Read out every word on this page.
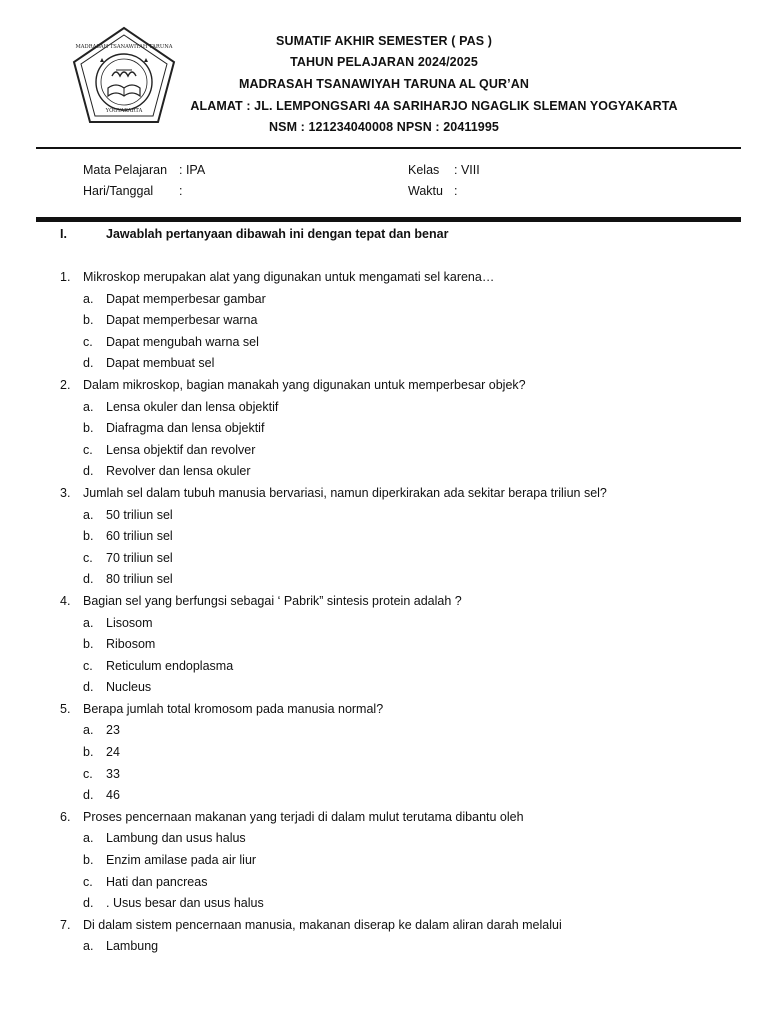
MADRASAH TSANAWIYAH TARUNA
YOGYAKARTA
SUMATIF AKHIR SEMESTER ( PAS )
TAHUN PELAJARAN 2024/2025
MADRASAH TSANAWIYAH TARUNA AL QUR’AN
ALAMAT : JL. LEMPONGSARI 4A SARIHARJO NGAGLIK SLEMAN YOGYAKARTA
NSM : 121234040008 NPSN : 20411995
Mata Pelajaran : IPA
Hari/Tanggal :
Kelas : VIII
Waktu :
I.	Jawablah pertanyaan dibawah ini dengan tepat dan benar
1. Mikroskop merupakan alat yang digunakan untuk mengamati sel karena…
a. Dapat memperbesar gambar
b. Dapat memperbesar warna
c. Dapat mengubah warna sel
d. Dapat membuat sel
2. Dalam mikroskop, bagian manakah yang digunakan untuk memperbesar objek?
a. Lensa okuler dan lensa objektif
b. Diafragma dan lensa objektif
c. Lensa objektif dan revolver
d. Revolver dan lensa okuler
3. Jumlah sel dalam tubuh manusia bervariasi, namun diperkirakan ada sekitar berapa triliun sel?
a. 50 triliun sel
b. 60 triliun sel
c. 70 triliun sel
d. 80 triliun sel
4. Bagian sel yang berfungsi sebagai ‘ Pabrik” sintesis protein adalah ?
a. Lisosom
b. Ribosom
c. Reticulum endoplasma
d. Nucleus
5. Berapa jumlah total kromosom pada manusia normal?
a. 23
b. 24
c. 33
d. 46
6. Proses pencernaan makanan yang terjadi di dalam mulut terutama dibantu oleh
a. Lambung dan usus halus
b. Enzim amilase pada air liur
c. Hati dan pancreas
d. . Usus besar dan usus halus
7. Di dalam sistem pencernaan manusia, makanan diserap ke dalam aliran darah melalui
a. Lambung
